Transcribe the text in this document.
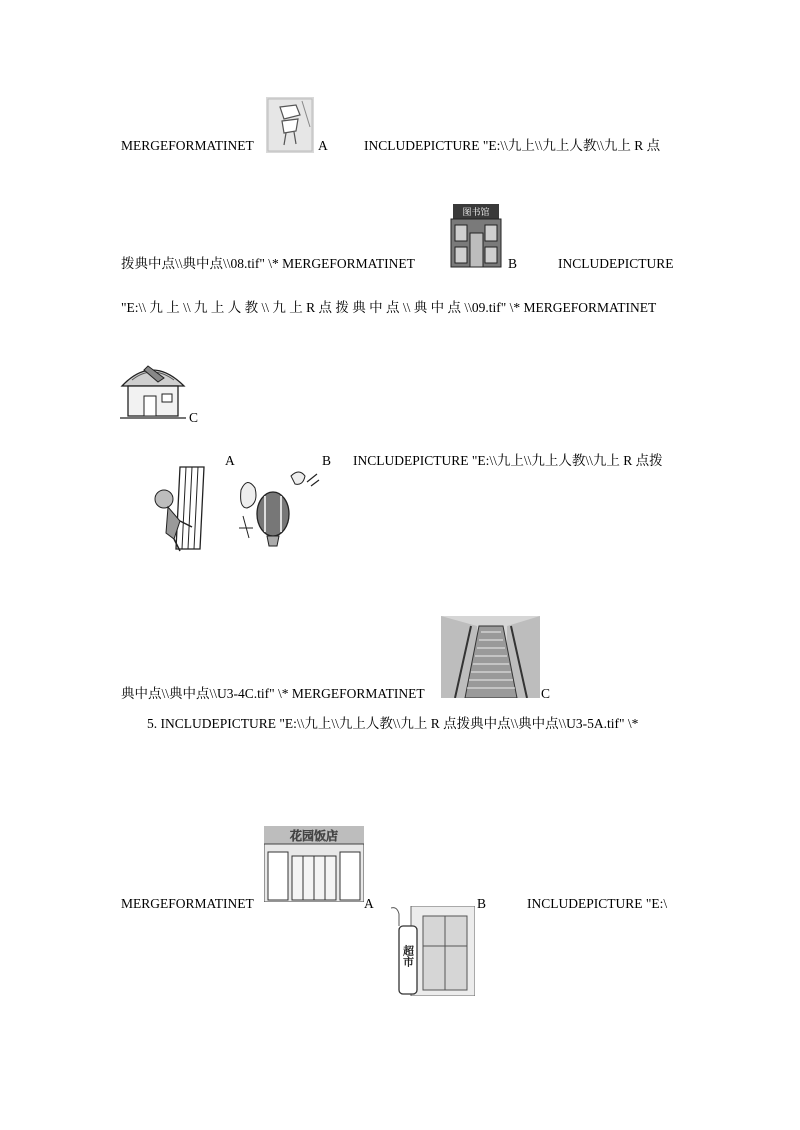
MERGEFORMATINET	A	INCLUDEPICTURE "E:\\九上\\九上人教\\九上 R 点
拨典中点\\典中点\\08.tif" \* MERGEFORMATINET
图书馆
B	INCLUDEPICTURE
"E:\\ 九 上 \\ 九 上 人 教 \\ 九 上 R 点 拨 典 中 点 \\ 典 中 点 \\09.tif" \* MERGEFORMATINET
C
A	B INCLUDEPICTURE "E:\\九上\\九上人教\\九上 R 点拨
典中点\\典中点\\U3-4C.tif" \* MERGEFORMATINET	C
5. INCLUDEPICTURE "E:\\九上\\九上人教\\九上 R 点拨典中点\\典中点\\U3-5A.tif" \*
MERGEFORMATINET
花园饭店
A
超市
B	INCLUDEPICTURE "E:\
